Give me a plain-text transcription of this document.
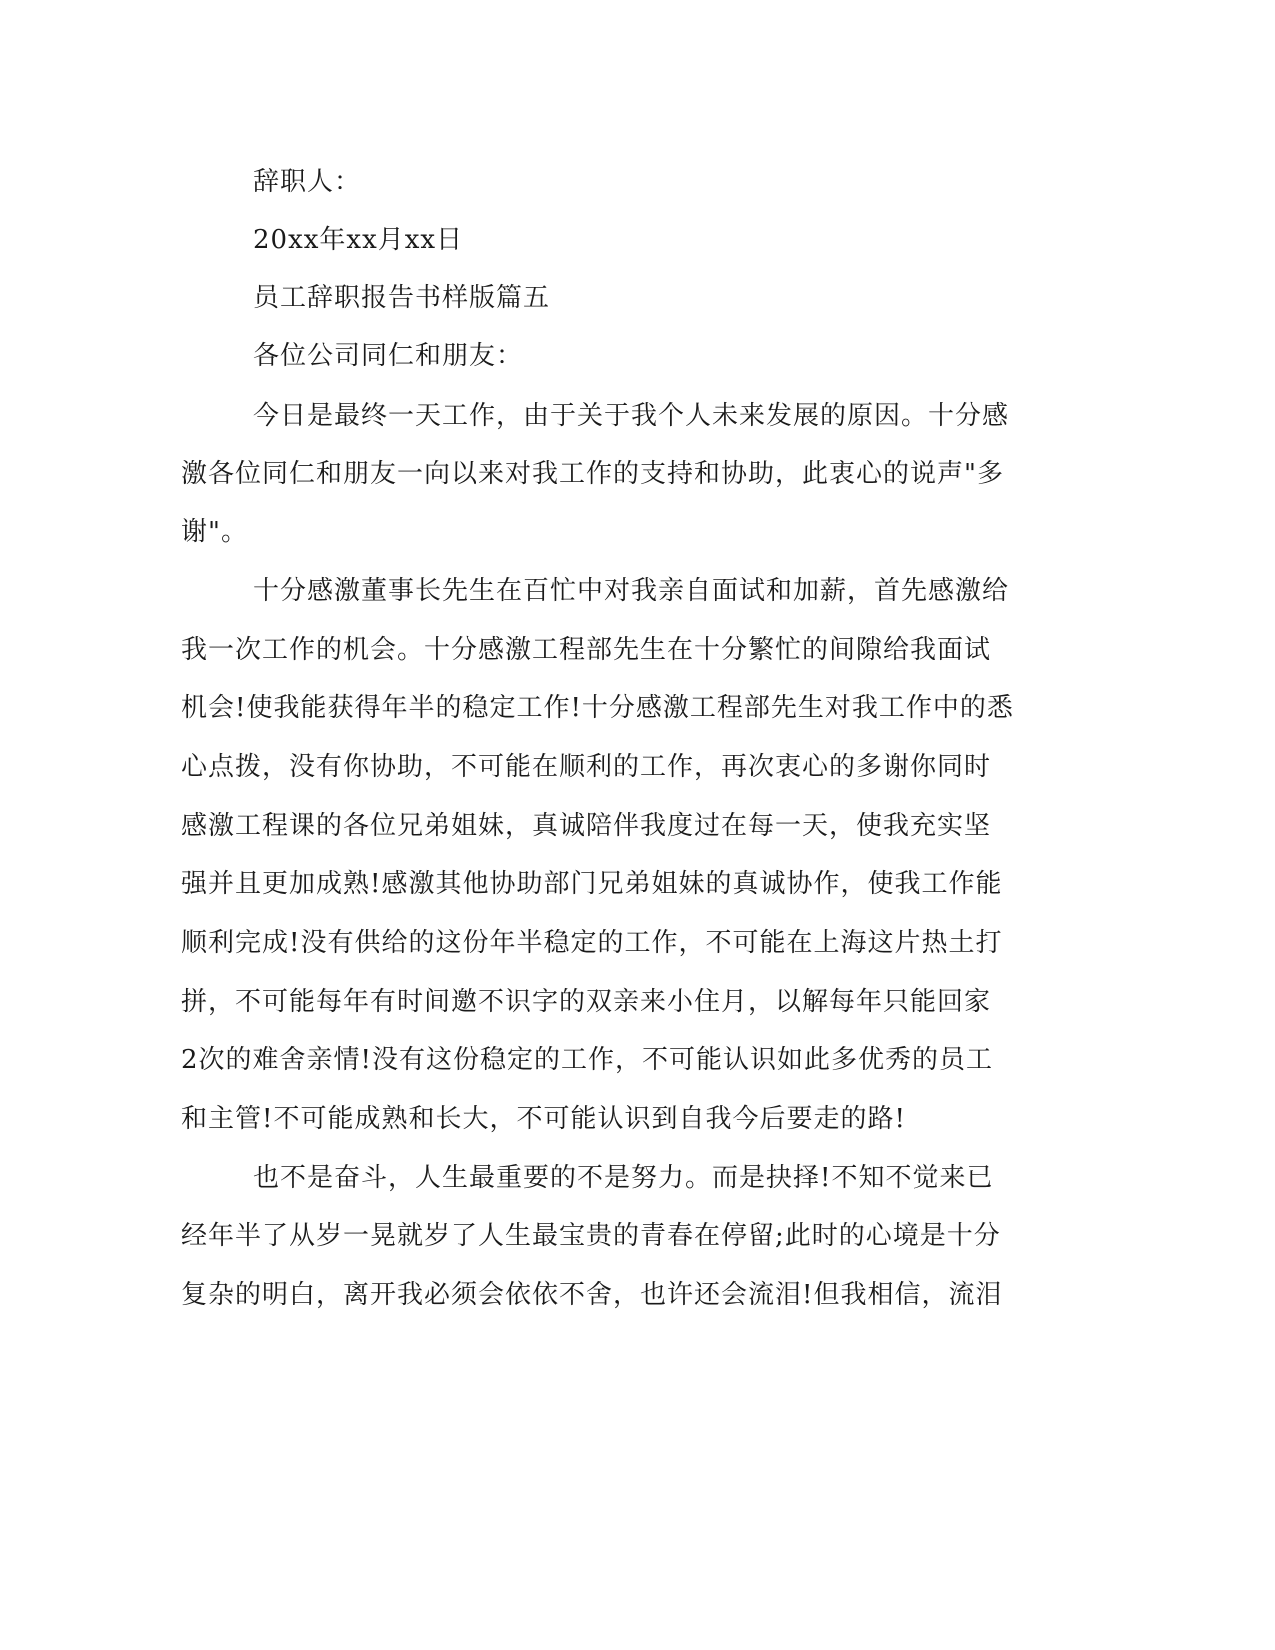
辞职人：
20xx年xx月xx日
员工辞职报告书样版篇五
各位公司同仁和朋友：
今日是最终一天工作，由于关于我个人未来发展的原因。十分感
激各位同仁和朋友一向以来对我工作的支持和协助，此衷心的说声"多
谢"。
十分感激董事长先生在百忙中对我亲自面试和加薪，首先感激给
我一次工作的机会。十分感激工程部先生在十分繁忙的间隙给我面试
机会!使我能获得年半的稳定工作!十分感激工程部先生对我工作中的悉
心点拨，没有你协助，不可能在顺利的工作，再次衷心的多谢你同时
感激工程课的各位兄弟姐妹，真诚陪伴我度过在每一天，使我充实坚
强并且更加成熟!感激其他协助部门兄弟姐妹的真诚协作，使我工作能
顺利完成!没有供给的这份年半稳定的工作，不可能在上海这片热土打
拼，不可能每年有时间邀不识字的双亲来小住月，以解每年只能回家
2次的难舍亲情!没有这份稳定的工作，不可能认识如此多优秀的员工
和主管!不可能成熟和长大，不可能认识到自我今后要走的路!
也不是奋斗，人生最重要的不是努力。而是抉择!不知不觉来已
经年半了从岁一晃就岁了人生最宝贵的青春在停留;此时的心境是十分
复杂的明白，离开我必须会依依不舍，也许还会流泪!但我相信，流泪
